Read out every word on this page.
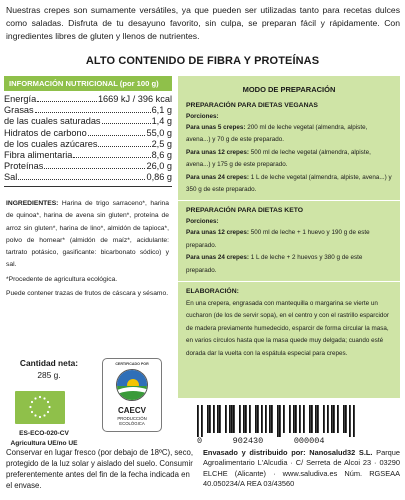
Nuestras crepes son sumamente versátiles, ya que pueden ser utilizadas tanto para recetas dulces como saladas. Disfruta de tu desayuno favorito, sin culpa, se preparan fácil y rápidamente. Con ingredientes libres de gluten y llenos de nutrientes.
ALTO CONTENIDO DE FIBRA Y PROTEÍNAS
INFORMACIÓN NUTRICIONAL (por 100 g)
Energía	1669 kJ / 396 kcal
Grasas	6,1 g
de las cuales saturadas	1,4 g
Hidratos de carbono	55,0 g
de los cuales azúcares	2,5 g
Fibra alimentaria	8,6 g
Proteínas	26,0 g
Sal	0,86 g

INGREDIENTES: Harina de trigo sarraceno*, harina de quinoa*, harina de avena sin gluten*, proteína de arroz sin gluten*, harina de lino*, almidón de tapioca*, polvo de hornear* (almidón de maíz*, acidulante: tartrato potásico, gasificante: bicarbonato sódico) y sal.

*Procedente de agricultura ecológica.

Puede contener trazas de frutos de cáscara y sésamo.

MODO DE PREPARACIÓN
PREPARACIÓN PARA DIETAS VEGANAS
Porciones:
Para unas 5 crepes: 200 ml de leche vegetal (almendra, alpiste, avena...) y 70 g de este preparado.
Para unas 12 crepes: 500 ml de leche vegetal (almendra, alpiste, avena...) y 175 g de este preparado.
Para unas 24 crepes: 1 L de leche vegetal (almendra, alpiste, avena...) y 350 g de este preparado.
PREPARACIÓN PARA DIETAS KETO
Porciones:
Para unas 12 crepes: 500 ml de leche + 1 huevo y 190 g de este preparado.
Para unas 24 crepes: 1 L de leche + 2 huevos y 380 g de este preparado.
ELABORACIÓN:
En una crepera, engrasada con mantequilla o margarina se vierte un cucharon (de los de servir sopa), en el centro y con el rastrillo esparcidor de madera previamente humedecido, esparcir de forma circular la masa, en varios círculos hasta que la masa quede muy delgada; cuando esté dorada dar la vuelta con la espátula especial para crepes.
Cantidad neta:
285 g.
ES-ECO-020-CV
Agricultura UE/no UE
CERTIFICADO POR
CAECV
PRODUCCIÓN
ECOLÓGICA
0	902430	000004
Conservar en lugar fresco (por debajo de 18ºC), seco, protegido de la luz solar y aislado del suelo. Consumir preferentemente antes del fin de la fecha indicada en el envase.
Envasado y distribuido por: Nanosalud32 S.L. Parque Agroalimentario L'Alcudia · C/ Serreta de Alcoi 23 · 03290 ELCHE (Alicante) · www.saludiva.es Núm. RGSEAA 40.050234/A REA 03/43560
